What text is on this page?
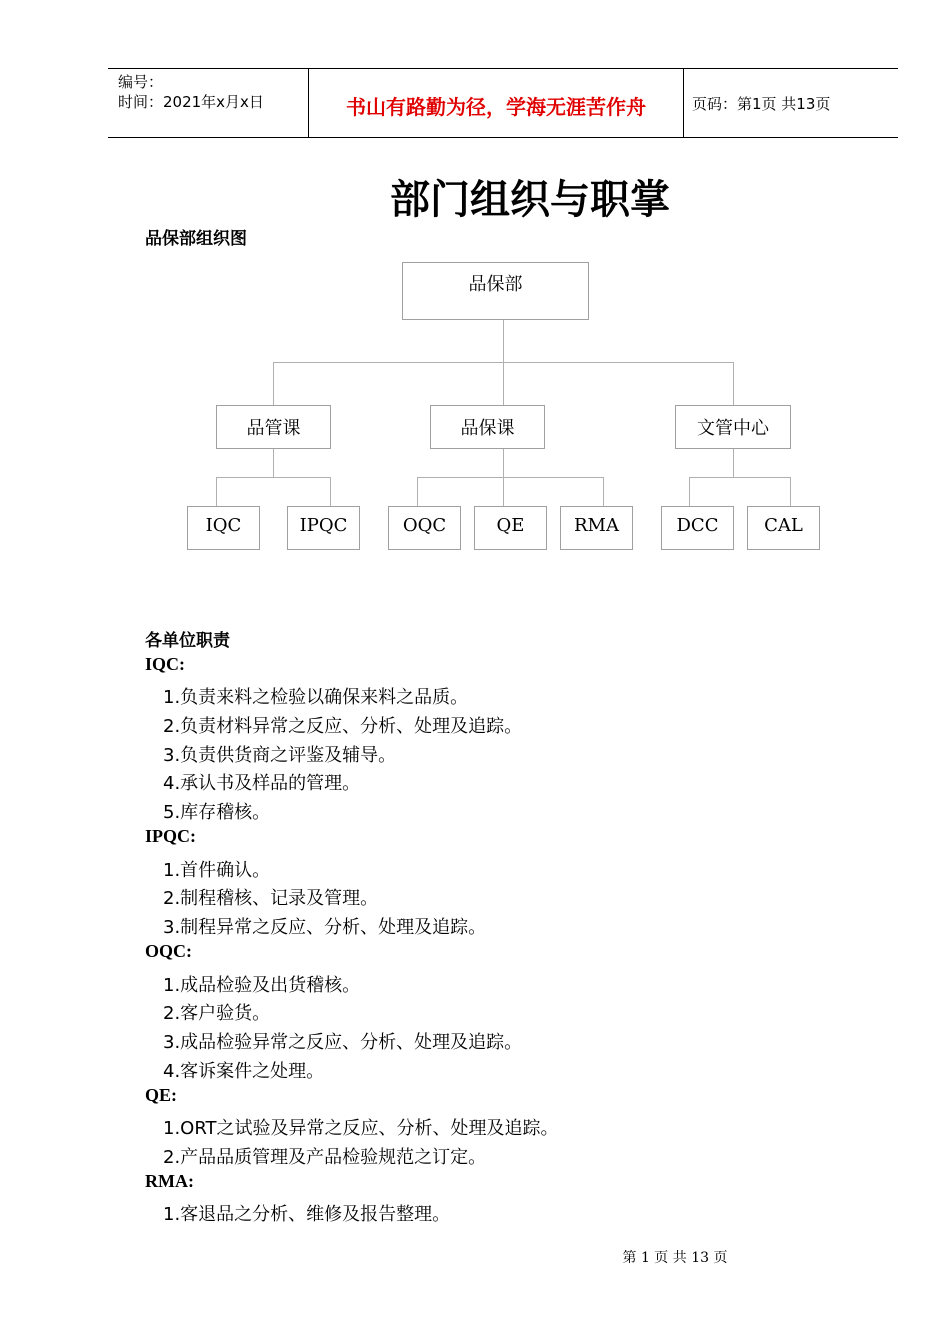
编号：
时间：2021年x月x日	书山有路勤为径，学海无涯苦作舟	页码：第1页 共13页
部门组织与职掌
品保部组织图
品保部
品管课	品保课	文管中心
IQC	IPQC	OQC	QE	RMA	DCC	CAL
各单位职责
IQC:
1.负责来料之检验以确保来料之品质。
2.负责材料异常之反应、分析、处理及追踪。
3.负责供货商之评鉴及辅导。
4.承认书及样品的管理。
5.库存稽核。
IPQC:
1.首件确认。
2.制程稽核、记录及管理。
3.制程异常之反应、分析、处理及追踪。
OQC:
1.成品检验及出货稽核。
2.客户验货。
3.成品检验异常之反应、分析、处理及追踪。
4.客诉案件之处理。
QE:
1.ORT之试验及异常之反应、分析、处理及追踪。
2.产品品质管理及产品检验规范之订定。
RMA:
1.客退品之分析、维修及报告整理。
第 1 页 共 13 页
